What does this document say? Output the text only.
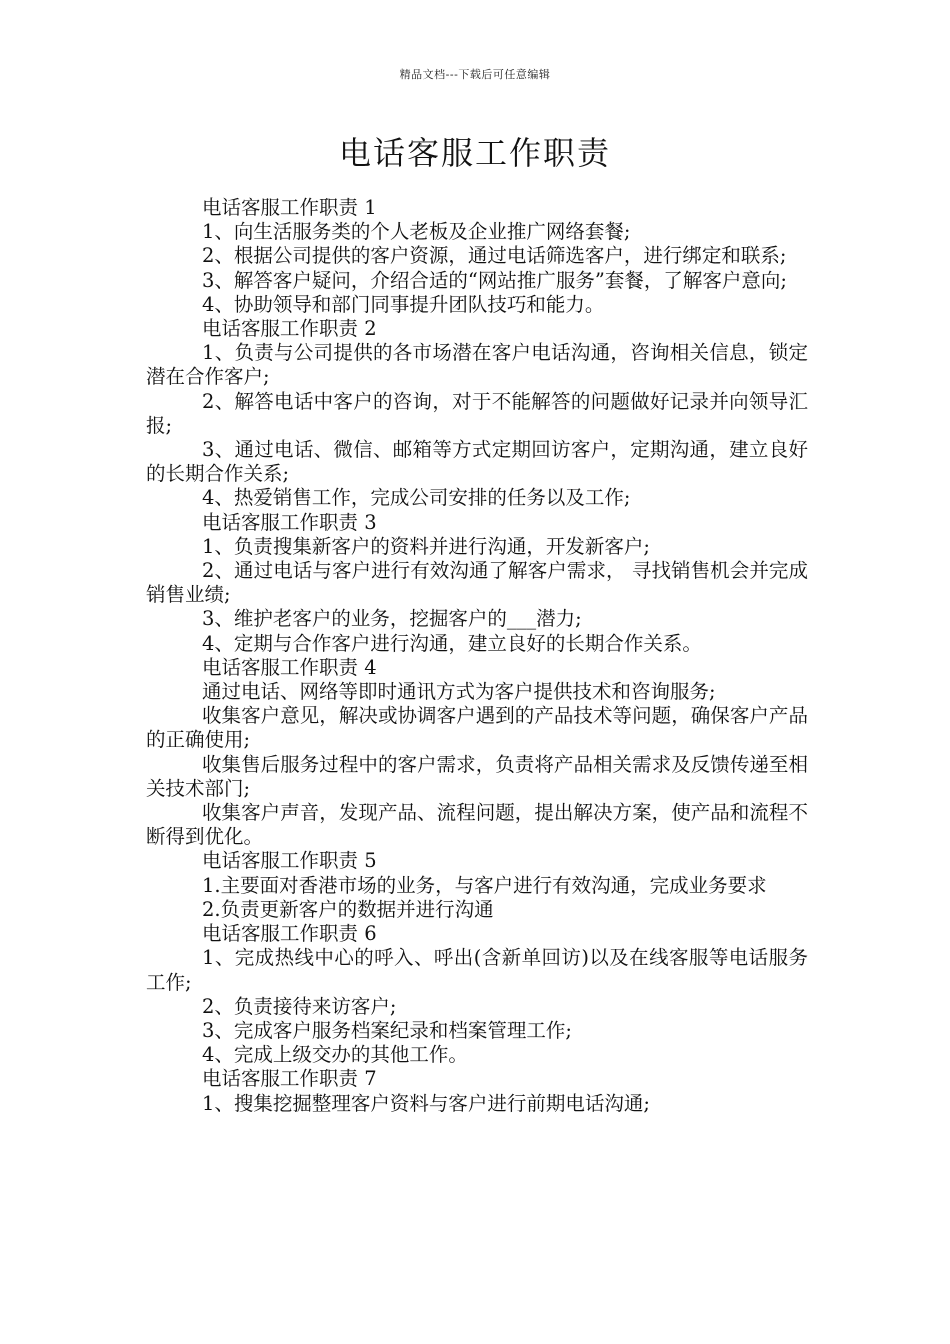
精品文档---下载后可任意编辑
电话客服工作职责

电话客服工作职责 1

1、向生活服务类的个人老板及企业推广网络套餐;

2、根据公司提供的客户资源，通过电话筛选客户，进行绑定和联系;

3、解答客户疑问，介绍合适的“网站推广服务”套餐，了解客户意向;

4、协助领导和部门同事提升团队技巧和能力。

电话客服工作职责 2

1、负责与公司提供的各市场潜在客户电话沟通，咨询相关信息，锁定潜在合作客户;

2、解答电话中客户的咨询，对于不能解答的问题做好记录并向领导汇报;

3、通过电话、微信、邮箱等方式定期回访客户，定期沟通，建立良好的长期合作关系;

4、热爱销售工作，完成公司安排的任务以及工作;

电话客服工作职责 3

1、负责搜集新客户的资料并进行沟通，开发新客户;

2、通过电话与客户进行有效沟通了解客户需求， 寻找销售机会并完成销售业绩;

3、维护老客户的业务，挖掘客户的___潜力;

4、定期与合作客户进行沟通，建立良好的长期合作关系。

电话客服工作职责 4

通过电话、网络等即时通讯方式为客户提供技术和咨询服务;

收集客户意见，解决或协调客户遇到的产品技术等问题，确保客户产品的正确使用;

收集售后服务过程中的客户需求，负责将产品相关需求及反馈传递至相关技术部门;

收集客户声音，发现产品、流程问题，提出解决方案，使产品和流程不断得到优化。

电话客服工作职责 5

1.主要面对香港市场的业务，与客户进行有效沟通，完成业务要求

2.负责更新客户的数据并进行沟通

电话客服工作职责 6

1、完成热线中心的呼入、呼出(含新单回访)以及在线客服等电话服务工作;

2、负责接待来访客户;

3、完成客户服务档案纪录和档案管理工作;

4、完成上级交办的其他工作。

电话客服工作职责 7

1、搜集挖掘整理客户资料与客户进行前期电话沟通;
